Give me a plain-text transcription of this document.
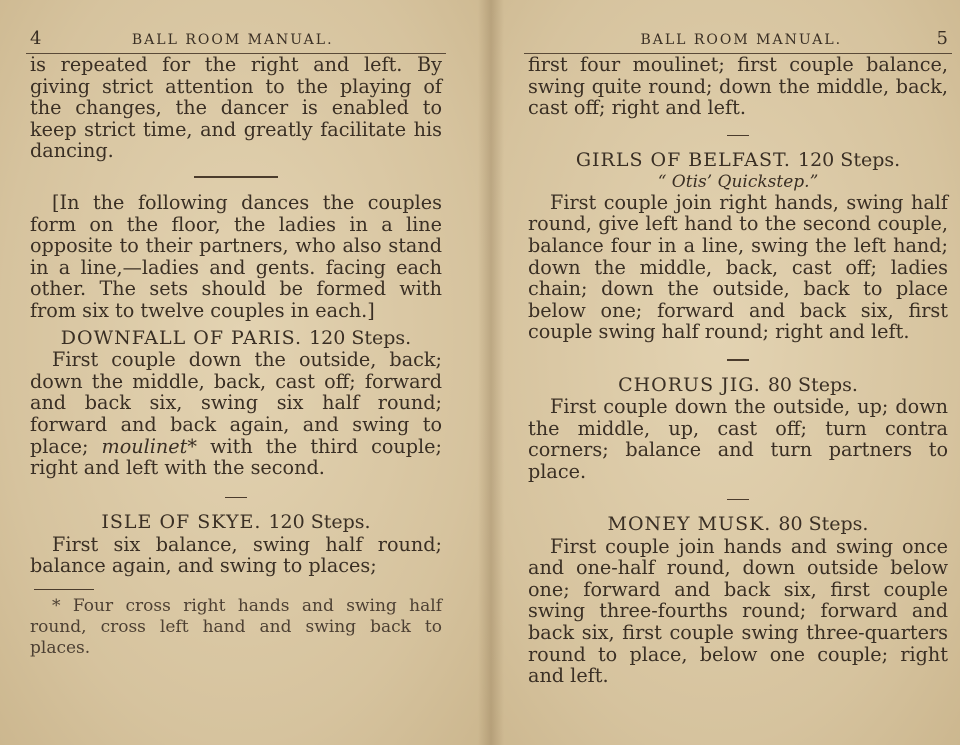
4	BALL ROOM MANUAL.

is repeated for the right and left. By giving strict attention to the playing of the changes, the dancer is enabled to keep strict time, and greatly facilitate his dancing.

[In the following dances the couples form on the floor, the ladies in a line opposite to their partners, who also stand in a line,—ladies and gents. facing each other. The sets should be formed with from six to twelve couples in each.]

DOWNFALL OF PARIS. 120 Steps.

First couple down the outside, back; down the middle, back, cast off; forward and back six, swing six half round; forward and back again, and swing to place; moulinet* with the third couple; right and left with the second.

ISLE OF SKYE. 120 Steps.

First six balance, swing half round; balance again, and swing to places;

* Four cross right hands and swing half round, cross left hand and swing back to places.

BALL ROOM MANUAL.	5

first four moulinet; first couple balance, swing quite round; down the middle, back, cast off; right and left.

GIRLS OF BELFAST. 120 Steps.

“ Otis’ Quickstep.”

First couple join right hands, swing half round, give left hand to the second couple, balance four in a line, swing the left hand; down the middle, back, cast off; ladies chain; down the outside, back to place below one; forward and back six, first couple swing half round; right and left.

CHORUS JIG. 80 Steps.

First couple down the outside, up; down the middle, up, cast off; turn contra corners; balance and turn partners to place.

MONEY MUSK. 80 Steps.

First couple join hands and swing once and one-half round, down outside below one; forward and back six, first couple swing three-fourths round; forward and back six, first couple swing three-quarters round to place, below one couple; right and left.
